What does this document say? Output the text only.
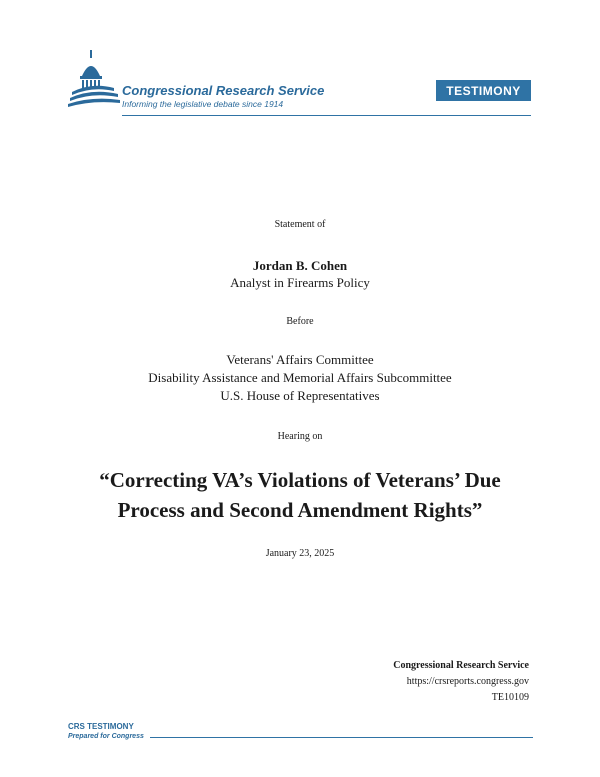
Congressional Research Service
Informing the legislative debate since 1914
TESTIMONY
Statement of
Jordan B. Cohen
Analyst in Firearms Policy
Before
Veterans' Affairs Committee
Disability Assistance and Memorial Affairs Subcommittee
U.S. House of Representatives
Hearing on
“Correcting VA’s Violations of Veterans’ Due
Process and Second Amendment Rights”
January 23, 2025
Congressional Research Service
https://crsreports.congress.gov
TE10109
CRS TESTIMONY
Prepared for Congress
